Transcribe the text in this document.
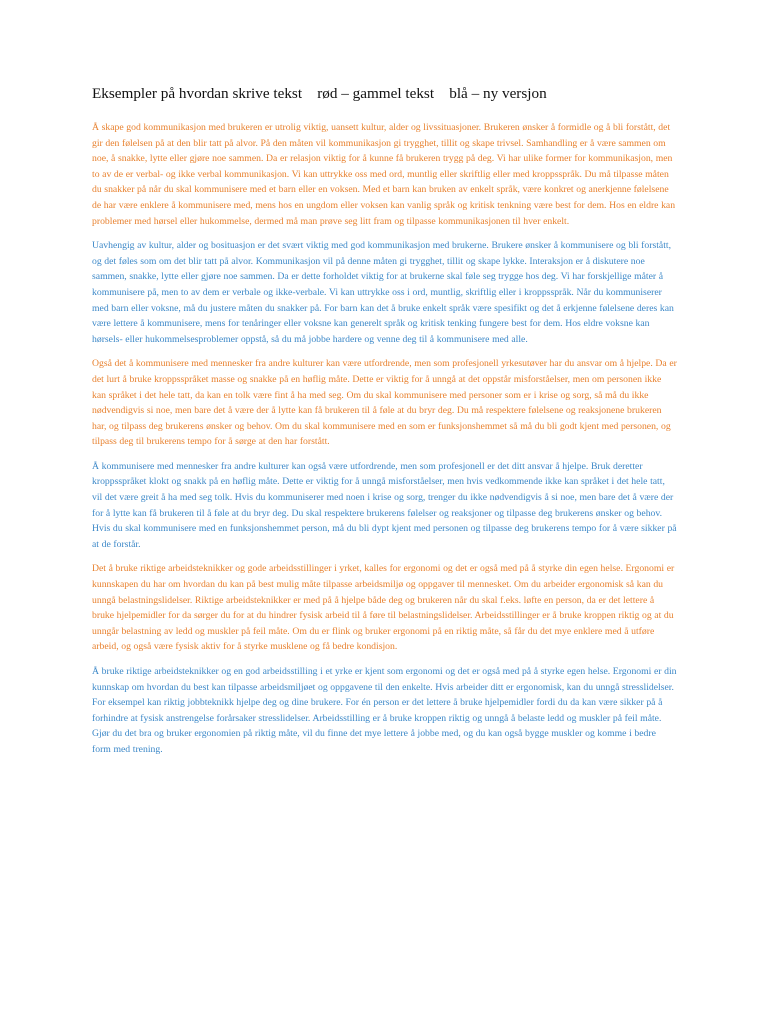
Eksempler på hvordan skrive tekst    rød – gammel tekst    blå – ny versjon

Å skape god kommunikasjon med brukeren er utrolig viktig, uansett kultur, alder og livssituasjoner. Brukeren ønsker å formidle og å bli forstått, det gir den følelsen på at den blir tatt på alvor. På den måten vil kommunikasjon gi trygghet, tillit og skape trivsel. Samhandling er å være sammen om noe, å snakke, lytte eller gjøre noe sammen. Da er relasjon viktig for å kunne få brukeren trygg på deg. Vi har ulike former for kommunikasjon, men to av de er verbal- og ikke verbal kommunikasjon. Vi kan uttrykke oss med ord, muntlig eller skriftlig eller med kroppsspråk. Du må tilpasse måten du snakker på når du skal kommunisere med et barn eller en voksen. Med et barn kan bruken av enkelt språk, være konkret og anerkjenne følelsene de har være enklere å kommunisere med, mens hos en ungdom eller voksen kan vanlig språk og kritisk tenkning være best for dem. Hos en eldre kan problemer med hørsel eller hukommelse, dermed må man prøve seg litt fram og tilpasse kommunikasjonen til hver enkelt.

Uavhengig av kultur, alder og bosituasjon er det svært viktig med god kommunikasjon med brukerne. Brukere ønsker å kommunisere og bli forstått, og det føles som om det blir tatt på alvor. Kommunikasjon vil på denne måten gi trygghet, tillit og skape lykke. Interaksjon er å diskutere noe sammen, snakke, lytte eller gjøre noe sammen. Da er dette forholdet viktig for at brukerne skal føle seg trygge hos deg. Vi har forskjellige måter å kommunisere på, men to av dem er verbale og ikke-verbale. Vi kan uttrykke oss i ord, muntlig, skriftlig eller i kroppsspråk. Når du kommuniserer med barn eller voksne, må du justere måten du snakker på. For barn kan det å bruke enkelt språk være spesifikt og det å erkjenne følelsene deres kan være lettere å kommunisere, mens for tenåringer eller voksne kan generelt språk og kritisk tenking fungere best for dem. Hos eldre voksne kan hørsels- eller hukommelsesproblemer oppstå, så du må jobbe hardere og venne deg til å kommunisere med alle.

Også det å kommunisere med mennesker fra andre kulturer kan være utfordrende, men som profesjonell yrkesutøver har du ansvar om å hjelpe. Da er det lurt å bruke kroppsspråket masse og snakke på en høflig måte. Dette er viktig for å unngå at det oppstår misforståelser, men om personen ikke kan språket i det hele tatt, da kan en tolk være fint å ha med seg. Om du skal kommunisere med personer som er i krise og sorg, så må du ikke nødvendigvis si noe, men bare det å være der å lytte kan få brukeren til å føle at du bryr deg. Du må respektere følelsene og reaksjonene brukeren har, og tilpass deg brukerens ønsker og behov. Om du skal kommunisere med en som er funksjonshemmet så må du bli godt kjent med personen, og tilpass deg til brukerens tempo for å sørge at den har forstått.

Å kommunisere med mennesker fra andre kulturer kan også være utfordrende, men som profesjonell er det ditt ansvar å hjelpe. Bruk deretter kroppsspråket klokt og snakk på en høflig måte. Dette er viktig for å unngå misforståelser, men hvis vedkommende ikke kan språket i det hele tatt, vil det være greit å ha med seg tolk. Hvis du kommuniserer med noen i krise og sorg, trenger du ikke nødvendigvis å si noe, men bare det å være der for å lytte kan få brukeren til å føle at du bryr deg. Du skal respektere brukerens følelser og reaksjoner og tilpasse deg brukerens ønsker og behov. Hvis du skal kommunisere med en funksjonshemmet person, må du bli dypt kjent med personen og tilpasse deg brukerens tempo for å være sikker på at de forstår.

Det å bruke riktige arbeidsteknikker og gode arbeidsstillinger i yrket, kalles for ergonomi og det er også med på å styrke din egen helse. Ergonomi er kunnskapen du har om hvordan du kan på best mulig måte tilpasse arbeidsmiljø og oppgaver til mennesket. Om du arbeider ergonomisk så kan du unngå belastningslidelser. Riktige arbeidsteknikker er med på å hjelpe både deg og brukeren når du skal f.eks. løfte en person, da er det lettere å bruke hjelpemidler for da sørger du for at du hindrer fysisk arbeid til å føre til belastningslidelser. Arbeidsstillinger er å bruke kroppen riktig og at du unngår belastning av ledd og muskler på feil måte. Om du er flink og bruker ergonomi på en riktig måte, så får du det mye enklere med å utføre arbeid, og også være fysisk aktiv for å styrke musklene og få bedre kondisjon.

Å bruke riktige arbeidsteknikker og en god arbeidsstilling i et yrke er kjent som ergonomi og det er også med på å styrke egen helse. Ergonomi er din kunnskap om hvordan du best kan tilpasse arbeidsmiljøet og oppgavene til den enkelte. Hvis arbeider ditt er ergonomisk, kan du unngå stresslidelser. For eksempel kan riktig jobbteknikk hjelpe deg og dine brukere. For én person er det lettere å bruke hjelpemidler fordi du da kan være sikker på å forhindre at fysisk anstrengelse forårsaker stresslidelser. Arbeidsstilling er å bruke kroppen riktig og unngå å belaste ledd og muskler på feil måte. Gjør du det bra og bruker ergonomien på riktig måte, vil du finne det mye lettere å jobbe med, og du kan også bygge muskler og komme i bedre form med trening.
